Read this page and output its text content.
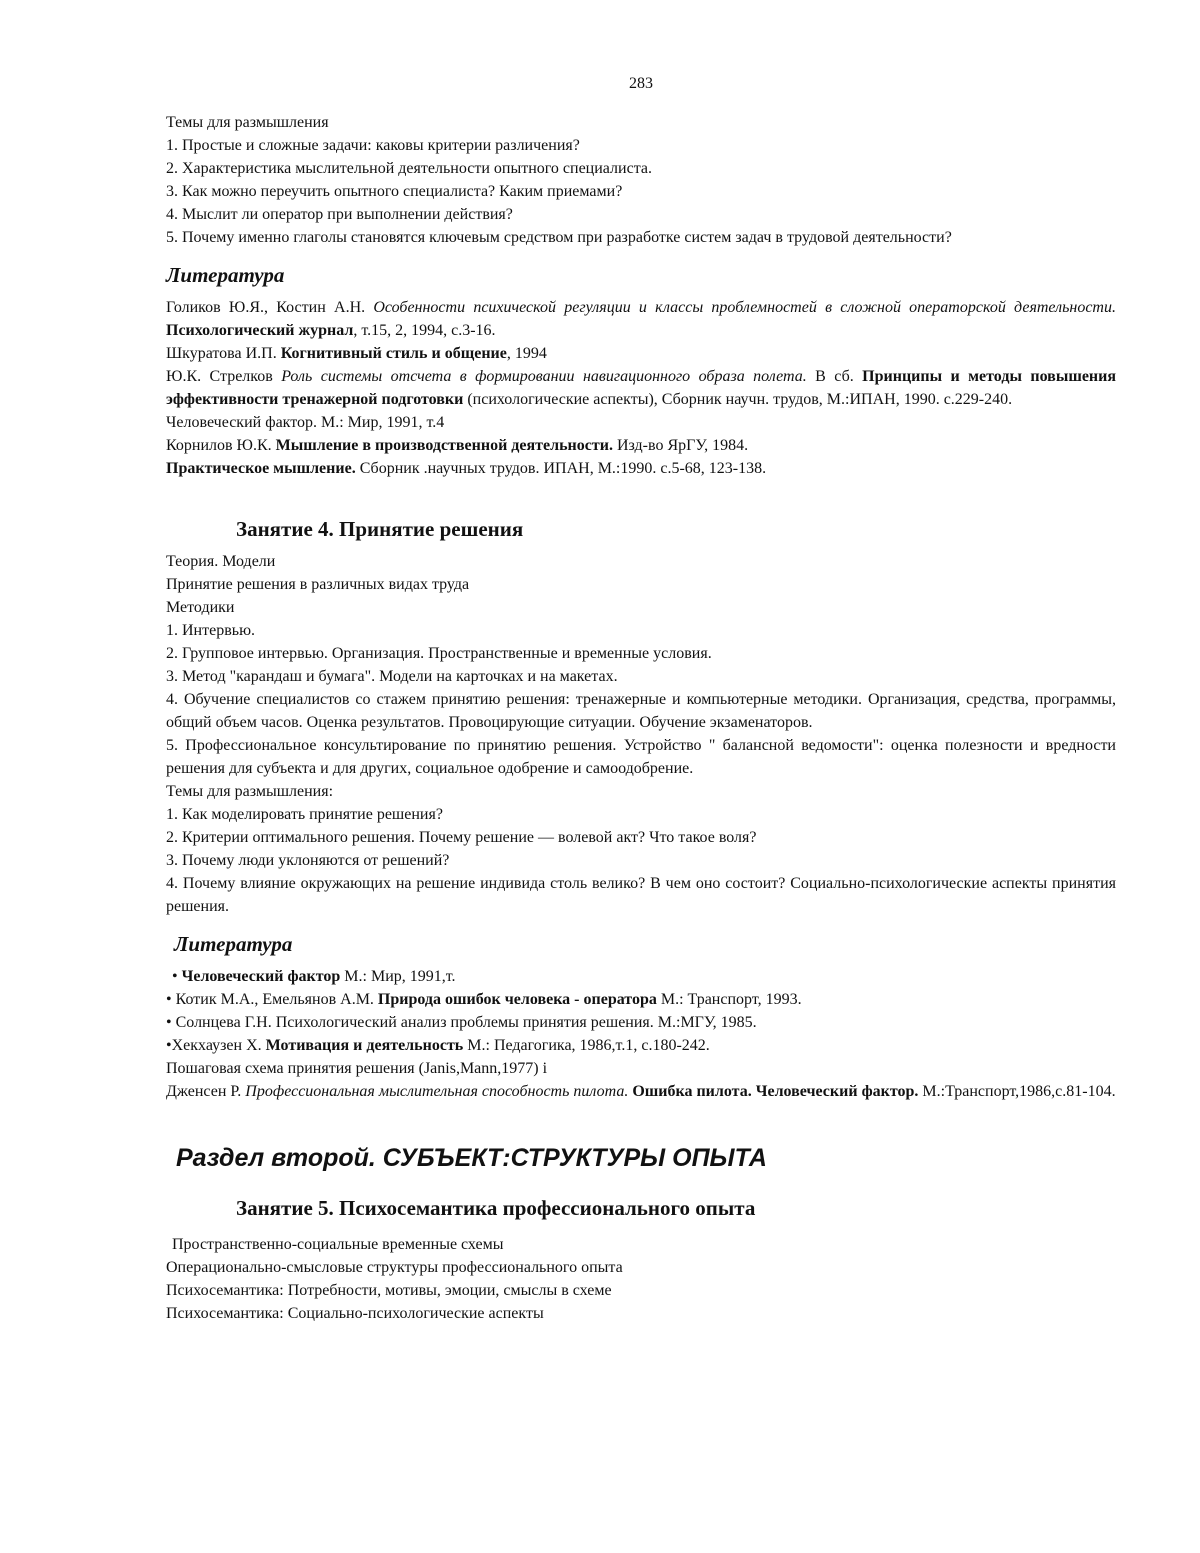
283

Темы для размышления

1. Простые и сложные задачи: каковы критерии различения?

2. Характеристика мыслительной деятельности опытного специалиста.

3. Как можно переучить опытного специалиста? Каким приемами?

4. Мыслит ли оператор при выполнении действия?

5. Почему именно глаголы становятся ключевым средством при разработке систем задач в трудовой деятельности?

Литература

Голиков Ю.Я., Костин А.Н. Особенности психической регуляции и классы проблемностей в сложной операторской деятельности. Психологический журнал, т.15, 2, 1994, с.3-16.

Шкуратова И.П. Когнитивный стиль и общение, 1994

Ю.К. Стрелков Роль системы отсчета в формировании навигационного образа полета. В сб. Принципы и методы повышения эффективности тренажерной подготовки (психологические аспекты), Сборник научн. трудов, М.:ИПАН, 1990. с.229-240.

Человеческий фактор. М.: Мир, 1991, т.4

Корнилов Ю.К. Мышление в производственной деятельности. Изд-во ЯрГУ, 1984.

Практическое мышление. Сборник .научных трудов. ИПАН, М.:1990. с.5-68, 123-138.

Занятие 4. Принятие решения

Теория. Модели

Принятие решения в различных видах труда

Методики

1. Интервью.

2. Групповое интервью. Организация. Пространственные и временные условия.

3. Метод "карандаш и бумага". Модели на карточках и на макетах.

4. Обучение специалистов со стажем принятию решения: тренажерные и компьютерные методики. Организация, средства, программы, общий объем часов. Оценка результатов. Провоцирующие ситуации. Обучение экзаменаторов.

5. Профессиональное консультирование по принятию решения. Устройство " балансной ведомости": оценка полезности и вредности решения для субъекта и для других, социальное одобрение и самоодобрение.

Темы для размышления:

1. Как моделировать принятие решения?

2. Критерии оптимального решения. Почему решение — волевой акт? Что такое воля?

3. Почему люди уклоняются от решений?

4. Почему влияние окружающих на решение индивида столь велико? В чем оно состоит? Социально-психологические аспекты принятия решения.

Литература

• Человеческий фактор М.: Мир, 1991,т.

• Котик М.А., Емельянов А.М. Природа ошибок человека - оператора М.: Транспорт, 1993.

• Солнцева Г.Н. Психологический анализ проблемы принятия решения. М.:МГУ, 1985.

•Хекхаузен Х. Мотивация и деятельность М.: Педагогика, 1986,т.1, с.180-242.

Пошаговая схема принятия решения (Janis,Mann,1977) i

Дженсен Р. Профессиональная мыслительная способность пилота. Ошибка пилота. Человеческий фактор. М.:Транспорт,1986,с.81-104.

Раздел второй. СУБЪЕКТ:СТРУКТУРЫ ОПЫТА
Занятие 5. Психосемантика профессионального опыта

Пространственно-социальные временные схемы

Операционально-смысловые структуры профессионального опыта

Психосемантика: Потребности, мотивы, эмоции, смыслы в схеме

Психосемантика: Социально-психологические аспекты
